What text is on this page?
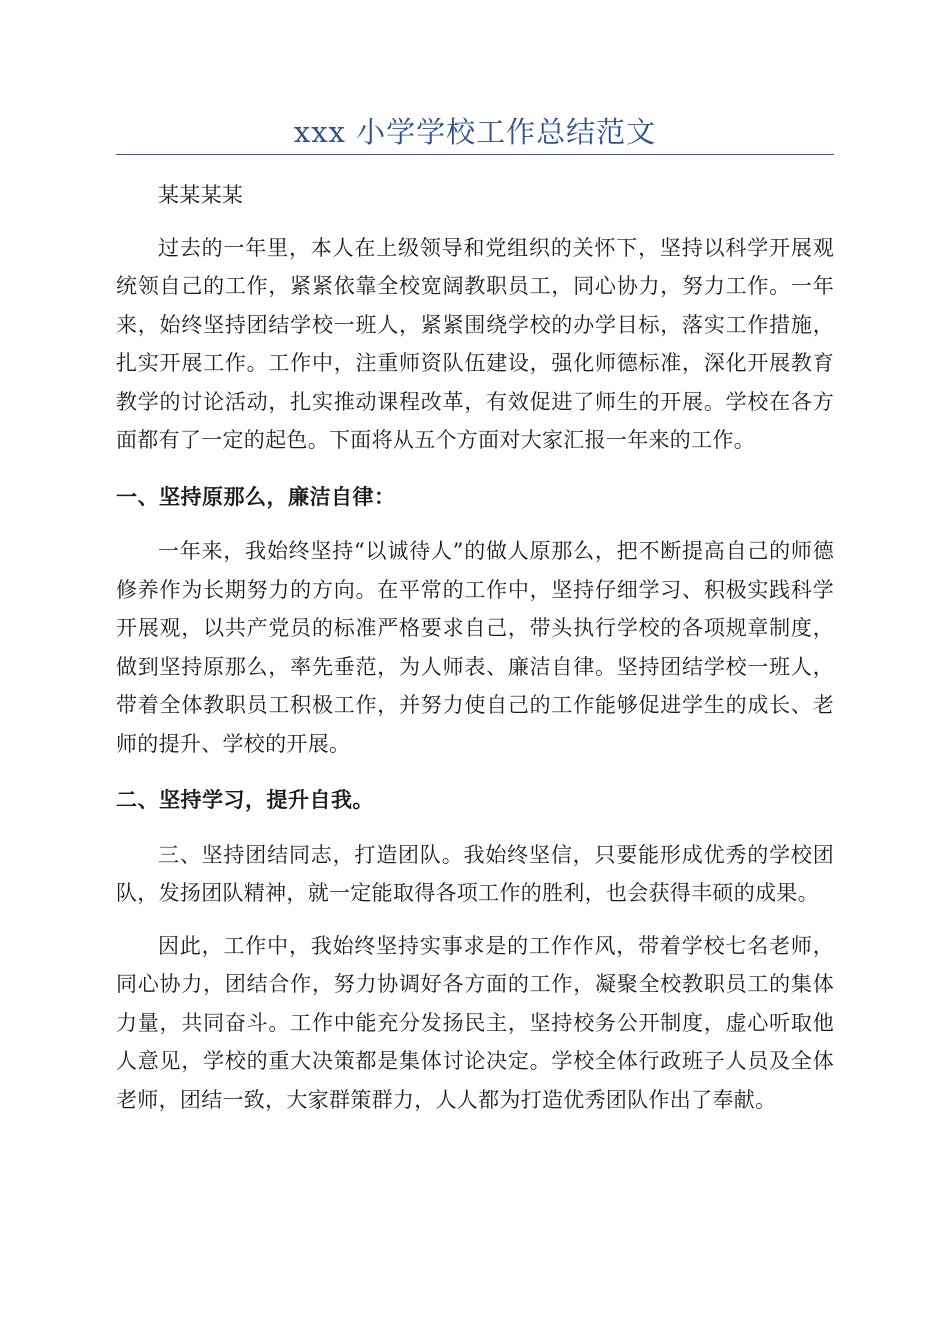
xxx 小学学校工作总结范文

某某某某

过去的一年里，本人在上级领导和党组织的关怀下，坚持以科学开展观统领自己的工作，紧紧依靠全校宽阔教职员工，同心协力，努力工作。一年来，始终坚持团结学校一班人，紧紧围绕学校的办学目标，落实工作措施，扎实开展工作。工作中，注重师资队伍建设，强化师德标准，深化开展教育教学的讨论活动，扎实推动课程改革，有效促进了师生的开展。学校在各方面都有了一定的起色。下面将从五个方面对大家汇报一年来的工作。

一、坚持原那么，廉洁自律：

一年来，我始终坚持“以诚待人”的做人原那么，把不断提高自己的师德修养作为长期努力的方向。在平常的工作中，坚持仔细学习、积极实践科学开展观，以共产党员的标准严格要求自己，带头执行学校的各项规章制度，做到坚持原那么，率先垂范，为人师表、廉洁自律。坚持团结学校一班人，带着全体教职员工积极工作，并努力使自己的工作能够促进学生的成长、老师的提升、学校的开展。

二、坚持学习，提升自我。

三、坚持团结同志，打造团队。我始终坚信，只要能形成优秀的学校团队，发扬团队精神，就一定能取得各项工作的胜利，也会获得丰硕的成果。

因此，工作中，我始终坚持实事求是的工作作风，带着学校七名老师，同心协力，团结合作，努力协调好各方面的工作，凝聚全校教职员工的集体力量，共同奋斗。工作中能充分发扬民主，坚持校务公开制度，虚心听取他人意见，学校的重大决策都是集体讨论决定。学校全体行政班子人员及全体老师，团结一致，大家群策群力，人人都为打造优秀团队作出了奉献。
